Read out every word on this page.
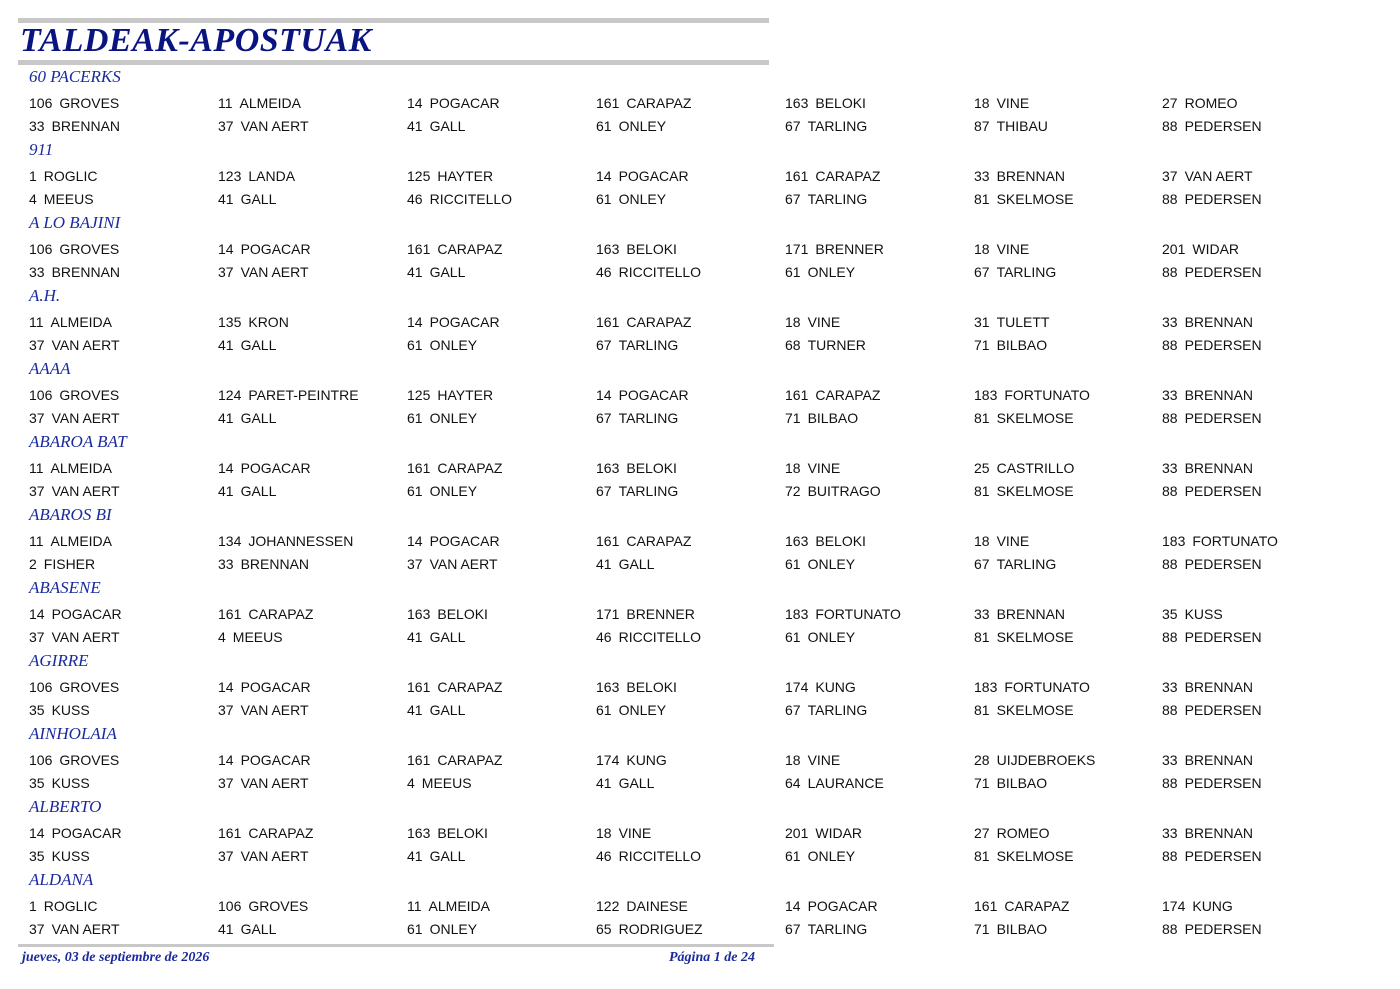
TALDEAK-APOSTUAK
60 PACERKS
106 GROVES	11 ALMEIDA	14 POGACAR	161 CARAPAZ	163 BELOKI	18 VINE	27 ROMEO
33 BRENNAN	37 VAN AERT	41 GALL	61 ONLEY	67 TARLING	87 THIBAU	88 PEDERSEN
911
1 ROGLIC	123 LANDA	125 HAYTER	14 POGACAR	161 CARAPAZ	33 BRENNAN	37 VAN AERT
4 MEEUS	41 GALL	46 RICCITELLO	61 ONLEY	67 TARLING	81 SKELMOSE	88 PEDERSEN
A LO BAJINI
106 GROVES	14 POGACAR	161 CARAPAZ	163 BELOKI	171 BRENNER	18 VINE	201 WIDAR
33 BRENNAN	37 VAN AERT	41 GALL	46 RICCITELLO	61 ONLEY	67 TARLING	88 PEDERSEN
A.H.
11 ALMEIDA	135 KRON	14 POGACAR	161 CARAPAZ	18 VINE	31 TULETT	33 BRENNAN
37 VAN AERT	41 GALL	61 ONLEY	67 TARLING	68 TURNER	71 BILBAO	88 PEDERSEN
AAAA
106 GROVES	124 PARET-PEINTRE	125 HAYTER	14 POGACAR	161 CARAPAZ	183 FORTUNATO	33 BRENNAN
37 VAN AERT	41 GALL	61 ONLEY	67 TARLING	71 BILBAO	81 SKELMOSE	88 PEDERSEN
ABAROA BAT
11 ALMEIDA	14 POGACAR	161 CARAPAZ	163 BELOKI	18 VINE	25 CASTRILLO	33 BRENNAN
37 VAN AERT	41 GALL	61 ONLEY	67 TARLING	72 BUITRAGO	81 SKELMOSE	88 PEDERSEN
ABAROS BI
11 ALMEIDA	134 JOHANNESSEN	14 POGACAR	161 CARAPAZ	163 BELOKI	18 VINE	183 FORTUNATO
2 FISHER	33 BRENNAN	37 VAN AERT	41 GALL	61 ONLEY	67 TARLING	88 PEDERSEN
ABASENE
14 POGACAR	161 CARAPAZ	163 BELOKI	171 BRENNER	183 FORTUNATO	33 BRENNAN	35 KUSS
37 VAN AERT	4 MEEUS	41 GALL	46 RICCITELLO	61 ONLEY	81 SKELMOSE	88 PEDERSEN
AGIRRE
106 GROVES	14 POGACAR	161 CARAPAZ	163 BELOKI	174 KUNG	183 FORTUNATO	33 BRENNAN
35 KUSS	37 VAN AERT	41 GALL	61 ONLEY	67 TARLING	81 SKELMOSE	88 PEDERSEN
AINHOLAIA
106 GROVES	14 POGACAR	161 CARAPAZ	174 KUNG	18 VINE	28 UIJDEBROEKS	33 BRENNAN
35 KUSS	37 VAN AERT	4 MEEUS	41 GALL	64 LAURANCE	71 BILBAO	88 PEDERSEN
ALBERTO
14 POGACAR	161 CARAPAZ	163 BELOKI	18 VINE	201 WIDAR	27 ROMEO	33 BRENNAN
35 KUSS	37 VAN AERT	41 GALL	46 RICCITELLO	61 ONLEY	81 SKELMOSE	88 PEDERSEN
ALDANA
1 ROGLIC	106 GROVES	11 ALMEIDA	122 DAINESE	14 POGACAR	161 CARAPAZ	174 KUNG
37 VAN AERT	41 GALL	61 ONLEY	65 RODRIGUEZ	67 TARLING	71 BILBAO	88 PEDERSEN
jueves, 03 de septiembre de 2026	Página 1 de 24
